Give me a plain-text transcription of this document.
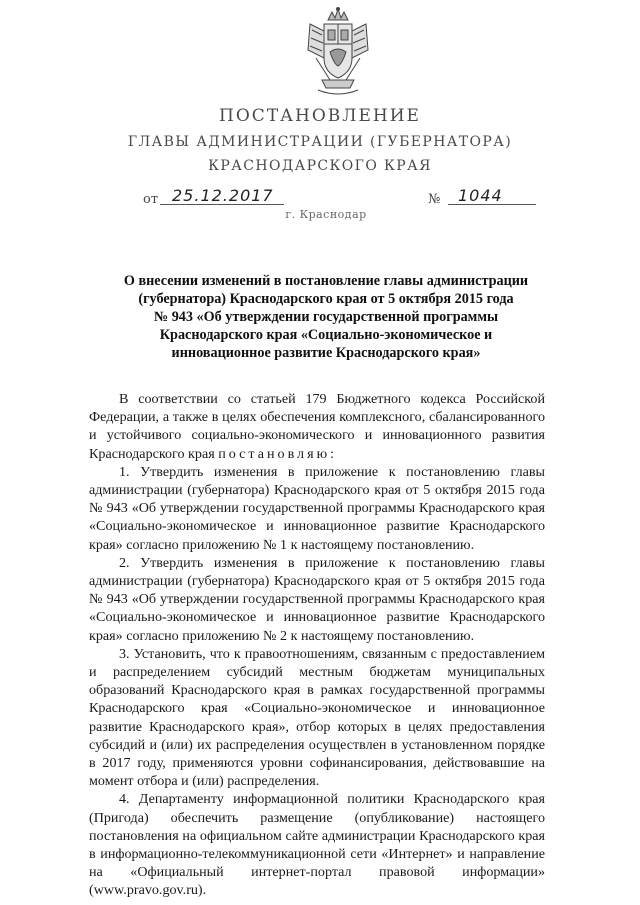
ПОСТАНОВЛЕНИЕ
ГЛАВЫ АДМИНИСТРАЦИИ (ГУБЕРНАТОРА)
КРАСНОДАРСКОГО КРАЯ
от 25.12.2017	№ 1044
г. Краснодар
О внесении изменений в постановление главы администрации
(губернатора) Краснодарского края от 5 октября 2015 года
№ 943 «Об утверждении государственной программы
Краснодарского края «Социально-экономическое и
инновационное развитие Краснодарского края»

В соответствии со статьей 179 Бюджетного кодекса Российской Федерации, а также в целях обеспечения комплексного, сбалансированного и устойчивого социально-экономического и инновационного развития Краснодарского края постановляю:

1. Утвердить изменения в приложение к постановлению главы администрации (губернатора) Краснодарского края от 5 октября 2015 года № 943 «Об утверждении государственной программы Краснодарского края «Социально-экономическое и инновационное развитие Краснодарского края» согласно приложению № 1 к настоящему постановлению.

2. Утвердить изменения в приложение к постановлению главы администрации (губернатора) Краснодарского края от 5 октября 2015 года № 943 «Об утверждении государственной программы Краснодарского края «Социально-экономическое и инновационное развитие Краснодарского края» согласно приложению № 2 к настоящему постановлению.

3. Установить, что к правоотношениям, связанным с предоставлением и распределением субсидий местным бюджетам муниципальных образований Краснодарского края в рамках государственной программы Краснодарского края «Социально-экономическое и инновационное развитие Краснодарского края», отбор которых в целях предоставления субсидий и (или) их распределения осуществлен в установленном порядке в 2017 году, применяются уровни софинансирования, действовавшие на момент отбора и (или) распределения.

4. Департаменту информационной политики Краснодарского края (Пригода) обеспечить размещение (опубликование) настоящего постановления на официальном сайте администрации Краснодарского края в информационно-телекоммуникационной сети «Интернет» и направление на «Официальный интернет-портал правовой информации» (www.pravo.gov.ru).
